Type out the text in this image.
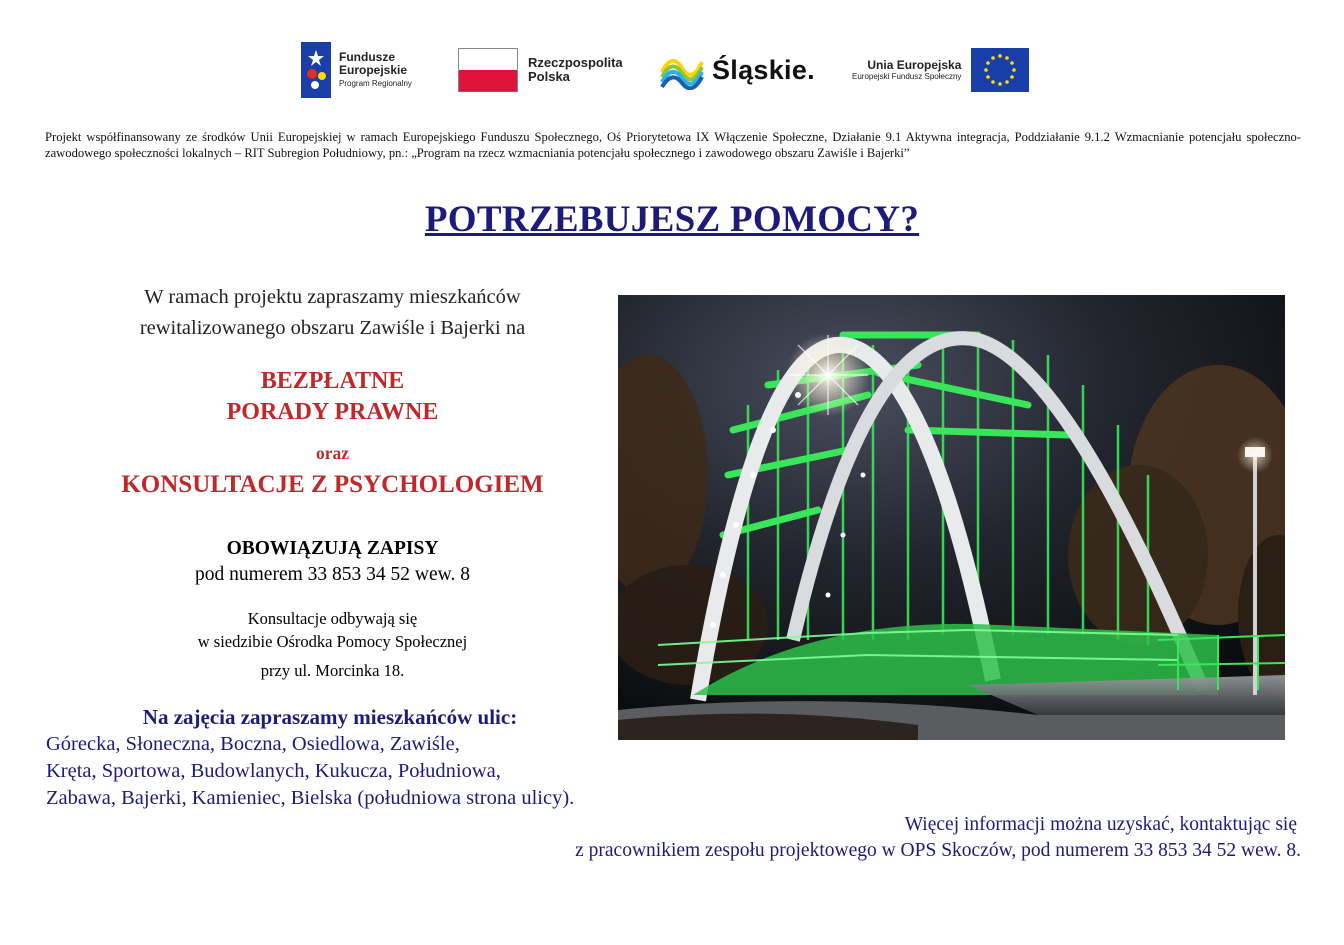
Fundusze
Europejskie
Program Regionalny
Rzeczpospolita
Polska	Śląskie.	Unia Europejska
Europejski Fundusz Społeczny

Projekt współfinansowany ze środków Unii Europejskiej w ramach Europejskiego Funduszu Społecznego, Oś Priorytetowa IX Włączenie Społeczne, Działanie 9.1 Aktywna integracja, Poddziałanie 9.1.2 Wzmacnianie potencjału społeczno-zawodowego społeczności lokalnych – RIT Subregion Południowy, pn.: „Program na rzecz wzmacniania potencjału społecznego i zawodowego obszaru Zawiśle i Bajerki”

POTRZEBUJESZ POMOCY?
W ramach projektu zapraszamy mieszkańców
rewitalizowanego obszaru Zawiśle i Bajerki na
BEZPŁATNE
PORADY PRAWNE
oraz
KONSULTACJE Z PSYCHOLOGIEM
OBOWIĄZUJĄ ZAPISY
pod numerem 33 853 34 52 wew. 8
Konsultacje odbywają się
w siedzibie Ośrodka Pomocy Społecznej
przy ul. Morcinka 18.

Na zajęcia zapraszamy mieszkańców ulic:

Górecka, Słoneczna, Boczna, Osiedlowa, Zawiśle,
Kręta, Sportowa, Budowlanych, Kukucza, Południowa,
Zabawa, Bajerki, Kamieniec, Bielska (południowa strona ulicy).
Więcej informacji można uzyskać, kontaktując się
z pracownikiem zespołu projektowego w OPS Skoczów, pod numerem 33 853 34 52 wew. 8.
